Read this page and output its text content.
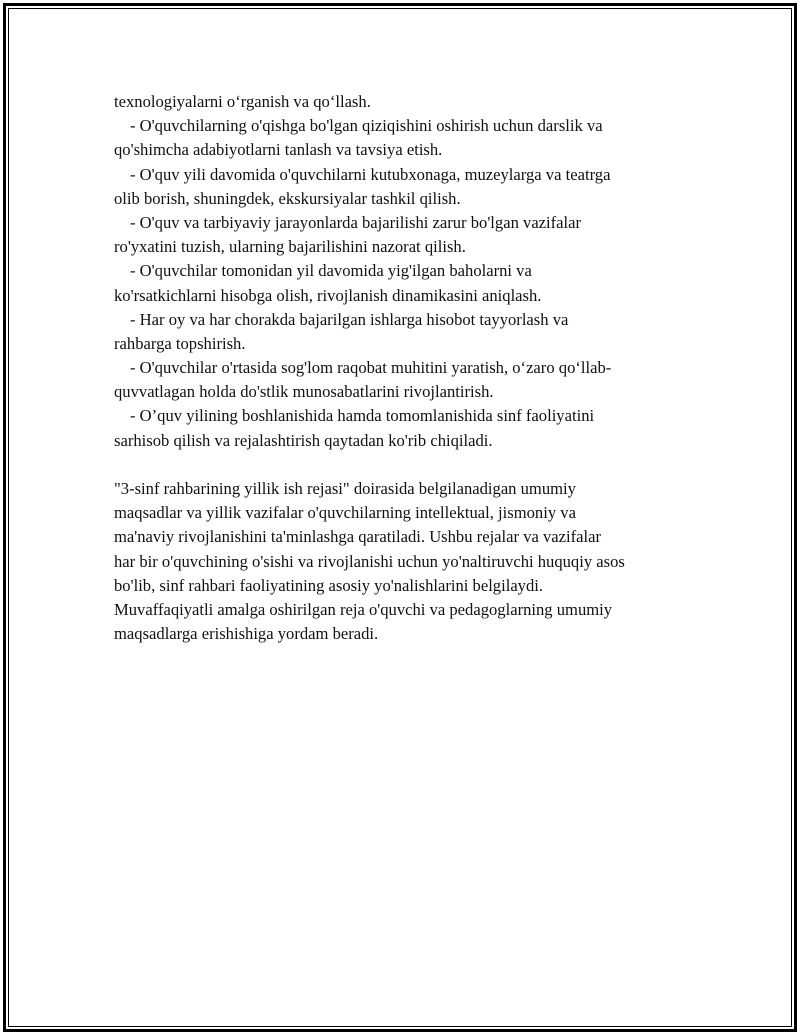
texnologiyalarni o‘rganish va qo‘llash.
- O'quvchilarning o'qishga bo'lgan qiziqishini oshirish uchun darslik va
qo'shimcha adabiyotlarni tanlash va tavsiya etish.
- O'quv yili davomida o'quvchilarni kutubxonaga, muzeylarga va teatrga
olib borish, shuningdek, ekskursiyalar tashkil qilish.
- O'quv va tarbiyaviy jarayonlarda bajarilishi zarur bo'lgan vazifalar
ro'yxatini tuzish, ularning bajarilishini nazorat qilish.
- O'quvchilar tomonidan yil davomida yig'ilgan baholarni va
ko'rsatkichlarni hisobga olish, rivojlanish dinamikasini aniqlash.
- Har oy va har chorakda bajarilgan ishlarga hisobot tayyorlash va
rahbarga topshirish.
- O'quvchilar o'rtasida sog'lom raqobat muhitini yaratish, o‘zaro qo‘llab-
quvvatlagan holda do'stlik munosabatlarini rivojlantirish.
- O’quv yilining boshlanishida hamda tomomlanishida sinf faoliyatini
sarhisob qilish va rejalashtirish qaytadan ko'rib chiqiladi.
"3-sinf rahbarining yillik ish rejasi" doirasida belgilanadigan umumiy
maqsadlar va yillik vazifalar o'quvchilarning intellektual, jismoniy va
ma'naviy rivojlanishini ta'minlashga qaratiladi. Ushbu rejalar va vazifalar
har bir o'quvchining o'sishi va rivojlanishi uchun yo'naltiruvchi huquqiy asos
bo'lib, sinf rahbari faoliyatining asosiy yo'nalishlarini belgilaydi.
Muvaffaqiyatli amalga oshirilgan reja o'quvchi va pedagoglarning umumiy
maqsadlarga erishishiga yordam beradi.
